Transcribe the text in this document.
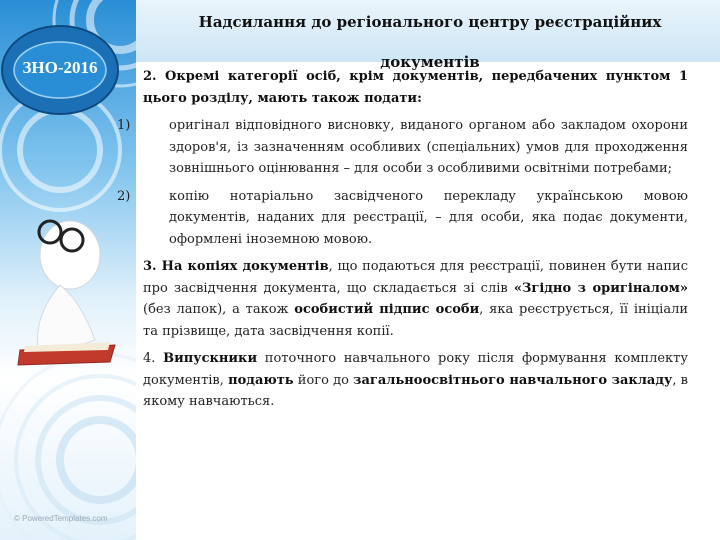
ЗНО-2016
Надсилання до регіонального центру реєстраційних
документів

2. Окремі категорії осіб, крім документів, передбачених пунктом 1 цього розділу, мають також подати:

1)	оригінал відповідного висновку, виданого органом або закладом охорони здоров'я, із зазначенням особливих (спеціальних) умов для проходження зовнішнього оцінювання – для особи з особливими освітніми потребами;

2)	копію нотаріально засвідченого перекладу українською мовою документів, наданих для реєстрації, – для особи, яка подає документи, оформлені іноземною мовою.

3. На копіях документів, що подаються для реєстрації, повинен бути напис про засвідчення документа, що складається зі слів «Згідно з оригіналом» (без лапок), а також особистий підпис особи, яка реєструється, її ініціали та прізвище, дата засвідчення копії.

4. Випускники поточного навчального року після формування комплекту документів, подають його до загальноосвітнього навчального закладу, в якому навчаються.

© PoweredTemplates.com
